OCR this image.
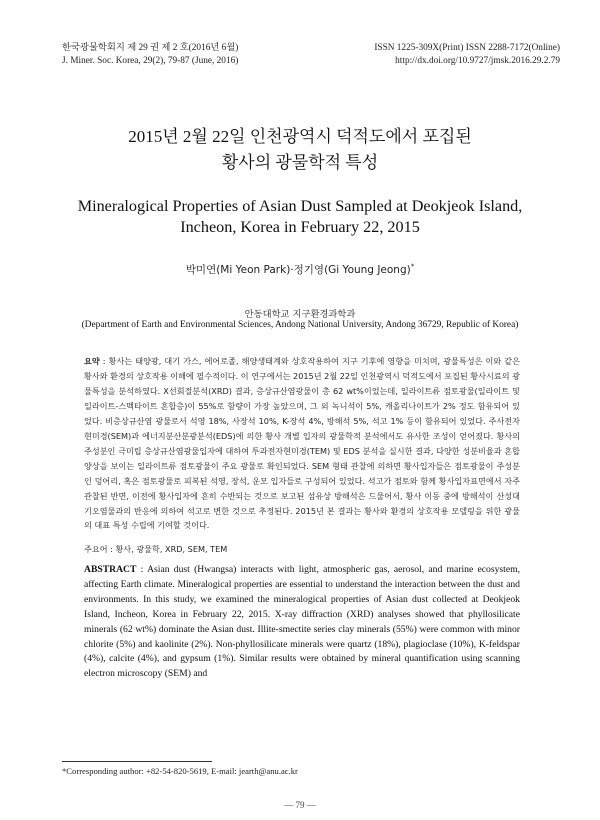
한국광물학회지 제 29 권 제 2 호(2016년 6월)
J. Miner. Soc. Korea, 29(2), 79-87 (June, 2016)
ISSN 1225-309X(Print) ISSN 2288-7172(Online)
http://dx.doi.org/10.9727/jmsk.2016.29.2.79
2015년 2월 22일 인천광역시 덕적도에서 포집된
황사의 광물학적 특성
Mineralogical Properties of Asian Dust Sampled at Deokjeok Island,
Incheon, Korea in February 22, 2015
박미연(Mi Yeon Park)·정기영(Gi Young Jeong)*
안동대학교 지구환경과학과
(Department of Earth and Environmental Sciences, Andong National University, Andong 36729, Republic of Korea)
요약 : 황사는 태양광, 대기 가스, 에어로졸, 해양생태계와 상호작용하여 지구 기후에 영향을 미치며, 광물특성은 이와 같은 황사와 환경의 상호작용 이해에 필수적이다. 이 연구에서는 2015년 2월 22일 인천광역시 덕적도에서 포집된 황사시료의 광물특성을 분석하였다. X선회절분석(XRD) 결과, 층상규산염광물이 총 62 wt%이었는데, 일라이트류 점토광물(일라이트 및 일라이트-스멕타이트 혼합층)이 55%로 함량이 가장 높았으며, 그 외 녹니석이 5%, 캐올리나이트가 2% 정도 함유되어 있었다. 비층상규산염 광물로서 석영 18%, 사장석 10%, K-장석 4%, 방해석 5%, 석고 1% 등이 함유되어 있었다. 주사전자현미경(SEM)과 에너지분산분광분석(EDS)에 의한 황사 개별 입자의 광물학적 분석에서도 유사한 조성이 얻어졌다. 황사의 주성분인 극미립 층상규산염광물입자에 대하여 투과전자현미경(TEM) 및 EDS 분석을 실시한 결과, 다양한 성분비율과 혼합양상을 보이는 일라이트류 점토광물이 주요 광물로 확인되었다. SEM 형태 관찰에 의하면 황사입자들은 점토광물이 주성분인 덩어리, 혹은 점토광물로 피복된 석영, 장석, 운모 입자들로 구성되어 있었다. 석고가 점토와 함께 황사입자표면에서 자주 관찰된 반면, 이전에 황사입자에 흔히 수반되는 것으로 보고된 섬유상 방해석은 드물어서, 황사 이동 중에 방해석이 산성대기오염물과의 반응에 의하여 석고로 변한 것으로 추정된다. 2015년 본 결과는 황사와 환경의 상호작용 모델링을 위한 광물의 대표 특성 수립에 기여할 것이다.
주요어 : 황사, 광물학, XRD, SEM, TEM
ABSTRACT : Asian dust (Hwangsa) interacts with light, atmospheric gas, aerosol, and marine ecosystem, affecting Earth climate. Mineralogical properties are essential to understand the interaction between the dust and environments. In this study, we examined the mineralogical properties of Asian dust collected at Deokjeok Island, Incheon, Korea in February 22, 2015. X-ray diffraction (XRD) analyses showed that phyllosilicate minerals (62 wt%) dominate the Asian dust. Illite-smectite series clay minerals (55%) were common with minor chlorite (5%) and kaolinite (2%). Non-phyllosilicate minerals were quartz (18%), plagioclase (10%), K-feldspar (4%), calcite (4%), and gypsum (1%). Similar results were obtained by mineral quantification using scanning electron microscopy (SEM) and
*Corresponding author: +82-54-820-5619, E-mail: jearth@anu.ac.kr
— 79 —
